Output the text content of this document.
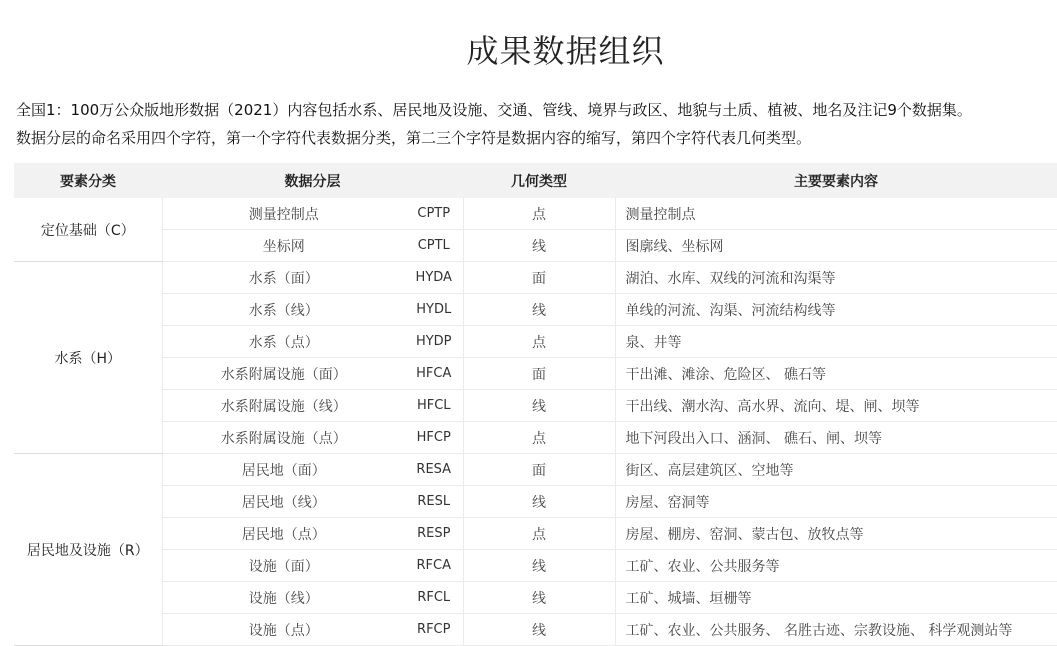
成果数据组织
全国1：100万公众版地形数据（2021）内容包括水系、居民地及设施、交通、管线、境界与政区、地貌与土质、植被、地名及注记9个数据集。
数据分层的命名采用四个字符，第一个字符代表数据分类，第二三个字符是数据内容的缩写，第四个字符代表几何类型。
要素分类	数据分层		几何类型	主要要素内容
定位基础（C）	测量控制点	CPTP	点	测量控制点
	坐标网	CPTL	线	图廓线、坐标网
水系（H）	水系（面）	HYDA	面	湖泊、水库、双线的河流和沟渠等
	水系（线）	HYDL	线	单线的河流、沟渠、河流结构线等
	水系（点）	HYDP	点	泉、井等
	水系附属设施（面）	HFCA	面	干出滩、滩涂、危险区、 礁石等
	水系附属设施（线）	HFCL	线	干出线、潮水沟、高水界、流向、堤、闸、坝等
	水系附属设施（点）	HFCP	点	地下河段出入口、涵洞、 礁石、闸、坝等
居民地及设施（R）	居民地（面）	RESA	面	街区、高层建筑区、空地等
	居民地（线）	RESL	线	房屋、窑洞等
	居民地（点）	RESP	点	房屋、棚房、窑洞、蒙古包、放牧点等
	设施（面）	RFCA	线	工矿、农业、公共服务等
	设施（线）	RFCL	线	工矿、城墙、垣栅等
	设施（点）	RFCP	线	工矿、农业、公共服务、 名胜古迹、宗教设施、 科学观测站等
